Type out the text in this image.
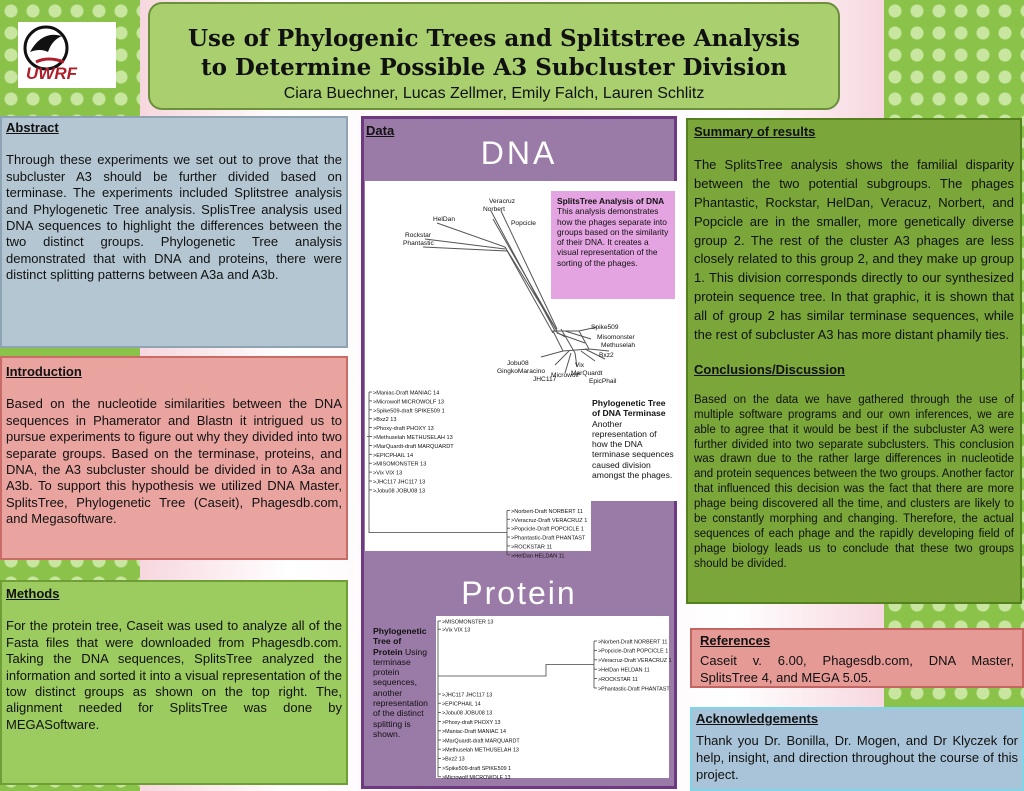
UWRF
Use of Phylogenic Trees and Splitstree Analysis
to Determine Possible A3 Subcluster Division
Ciara Buechner, Lucas Zellmer, Emily Falch, Lauren Schlitz
Abstract

Through these experiments we set out to prove that the subcluster A3 should be further divided based on terminase. The experiments included Splitstree analysis and Phylogenetic Tree analysis. SplisTree analysis used DNA sequences to highlight the differences between the two distinct groups. Phylogenetic Tree analysis demonstrated that with DNA and proteins, there were distinct splitting patterns between A3a and A3b.

Introduction

Based on the nucleotide similarities between the DNA sequences in Phamerator and Blastn it intrigued us to pursue experiments to figure out why they divided into two separate groups. Based on the terminase, proteins, and DNA, the A3 subcluster should be divided in to A3a and A3b. To support this hypothesis we utilized DNA Master, SplitsTree, Phylogenetic Tree (Caseit), Phagesdb.com, and Megasoftware.

Methods

For the protein tree, Caseit was used to analyze all of the Fasta files that were downloaded from Phagesdb.com. Taking the DNA sequences, SplitsTree analyzed the information and sorted it into a visual representation of the tow distinct groups as shown on the top right. The, alignment needed for SplitsTree was done by MEGASoftware.

Data
DNA
Veracruz
Norbert
Popcicle
HelDan
Rockstar
Phantastic
Spike509
Misomonster
Methuselah
Bxz2
Jobu08
GingkoMaracino
Vix
MarQuardt
Microwolf
EpicPhail
JHC117
SplitsTree Analysis of DNA
This analysis demonstrates how the phages separate into groups based on the similarity of their DNA. It creates a visual representation of the sorting of the phages.
>Maniac-Draft MANIAC 14
>Microwolf MICROWOLF 13
>Spike509-draft SPIKE509 1
>Bxz2 13
>Phoxy-draft PHOXY 13
>Methuselah METHUSELAH 13
>MarQuardt-draft MARQUARDT
>EPICPHAIL 14
>MISOMONSTER 13
>Vix VIX 13
>JHC117 JHC117 13
>Jobu08 JOBU08 13
>Norbert-Draft NORBERT 11
>Veracruz-Draft VERACRUZ 1
>Popcicle-Draft POPCICLE 1
>Phantastic-Draft PHANTAST
>ROCKSTAR 11
>HelDan HELDAN 11
Phylogenetic Tree of DNA Terminase Another representation of how the DNA terminase sequences caused division amongst the phages.
Protein
Phylogenetic Tree of Protein Using terminase protein sequences, another representation of the distinct splitting is shown.
>MISOMONSTER 13
>Vix VIX 13
>Norbert-Draft NORBERT 11
>Popcicle-Draft POPCICLE 1
>Veracruz-Draft VERACRUZ 1
>HelDan HELDAN 11
>ROCKSTAR 11
>Phantastic-Draft PHANTAST
>JHC117 JHC117 13
>EPICPHAIL 14
>Jobu08 JOBU08 13
>Phoxy-draft PHOXY 13
>Maniac-Draft MANIAC 14
>MarQuardt-draft MARQUARDT
>Methuselah METHUSELAH 13
>Bxz2 13
>Spike509-draft SPIKE509 1
>Microwolf MICROWOLF 13
Summary of results

The SplitsTree analysis shows the familial disparity between the two potential subgroups. The phages Phantastic, Rockstar, HelDan, Veracuz, Norbert, and Popcicle are in the smaller, more genetically diverse group 2. The rest of the cluster A3 phages are less closely related to this group 2, and they make up group 1. This division corresponds directly to our synthesized protein sequence tree. In that graphic, it is shown that all of group 2 has similar terminase sequences, while the rest of subcluster A3 has more distant phamily ties.

Conclusions/Discussion

Based on the data we have gathered through the use of multiple software programs and our own inferences, we are able to agree that it would be best if the subcluster A3 were further divided into two separate subclusters. This conclusion was drawn due to the rather large differences in nucleotide and protein sequences between the two groups. Another factor that influenced this decision was the fact that there are more phage being discovered all the time, and clusters are likely to be constantly morphing and changing. Therefore, the actual sequences of each phage and the rapidly developing field of phage biology leads us to conclude that these two groups should be divided.

References

Caseit v. 6.00, Phagesdb.com, DNA Master, SplitsTree 4, and MEGA 5.05.

Acknowledgements

Thank you Dr. Bonilla, Dr. Mogen, and Dr Klyczek for help, insight, and direction throughout the course of this project.
